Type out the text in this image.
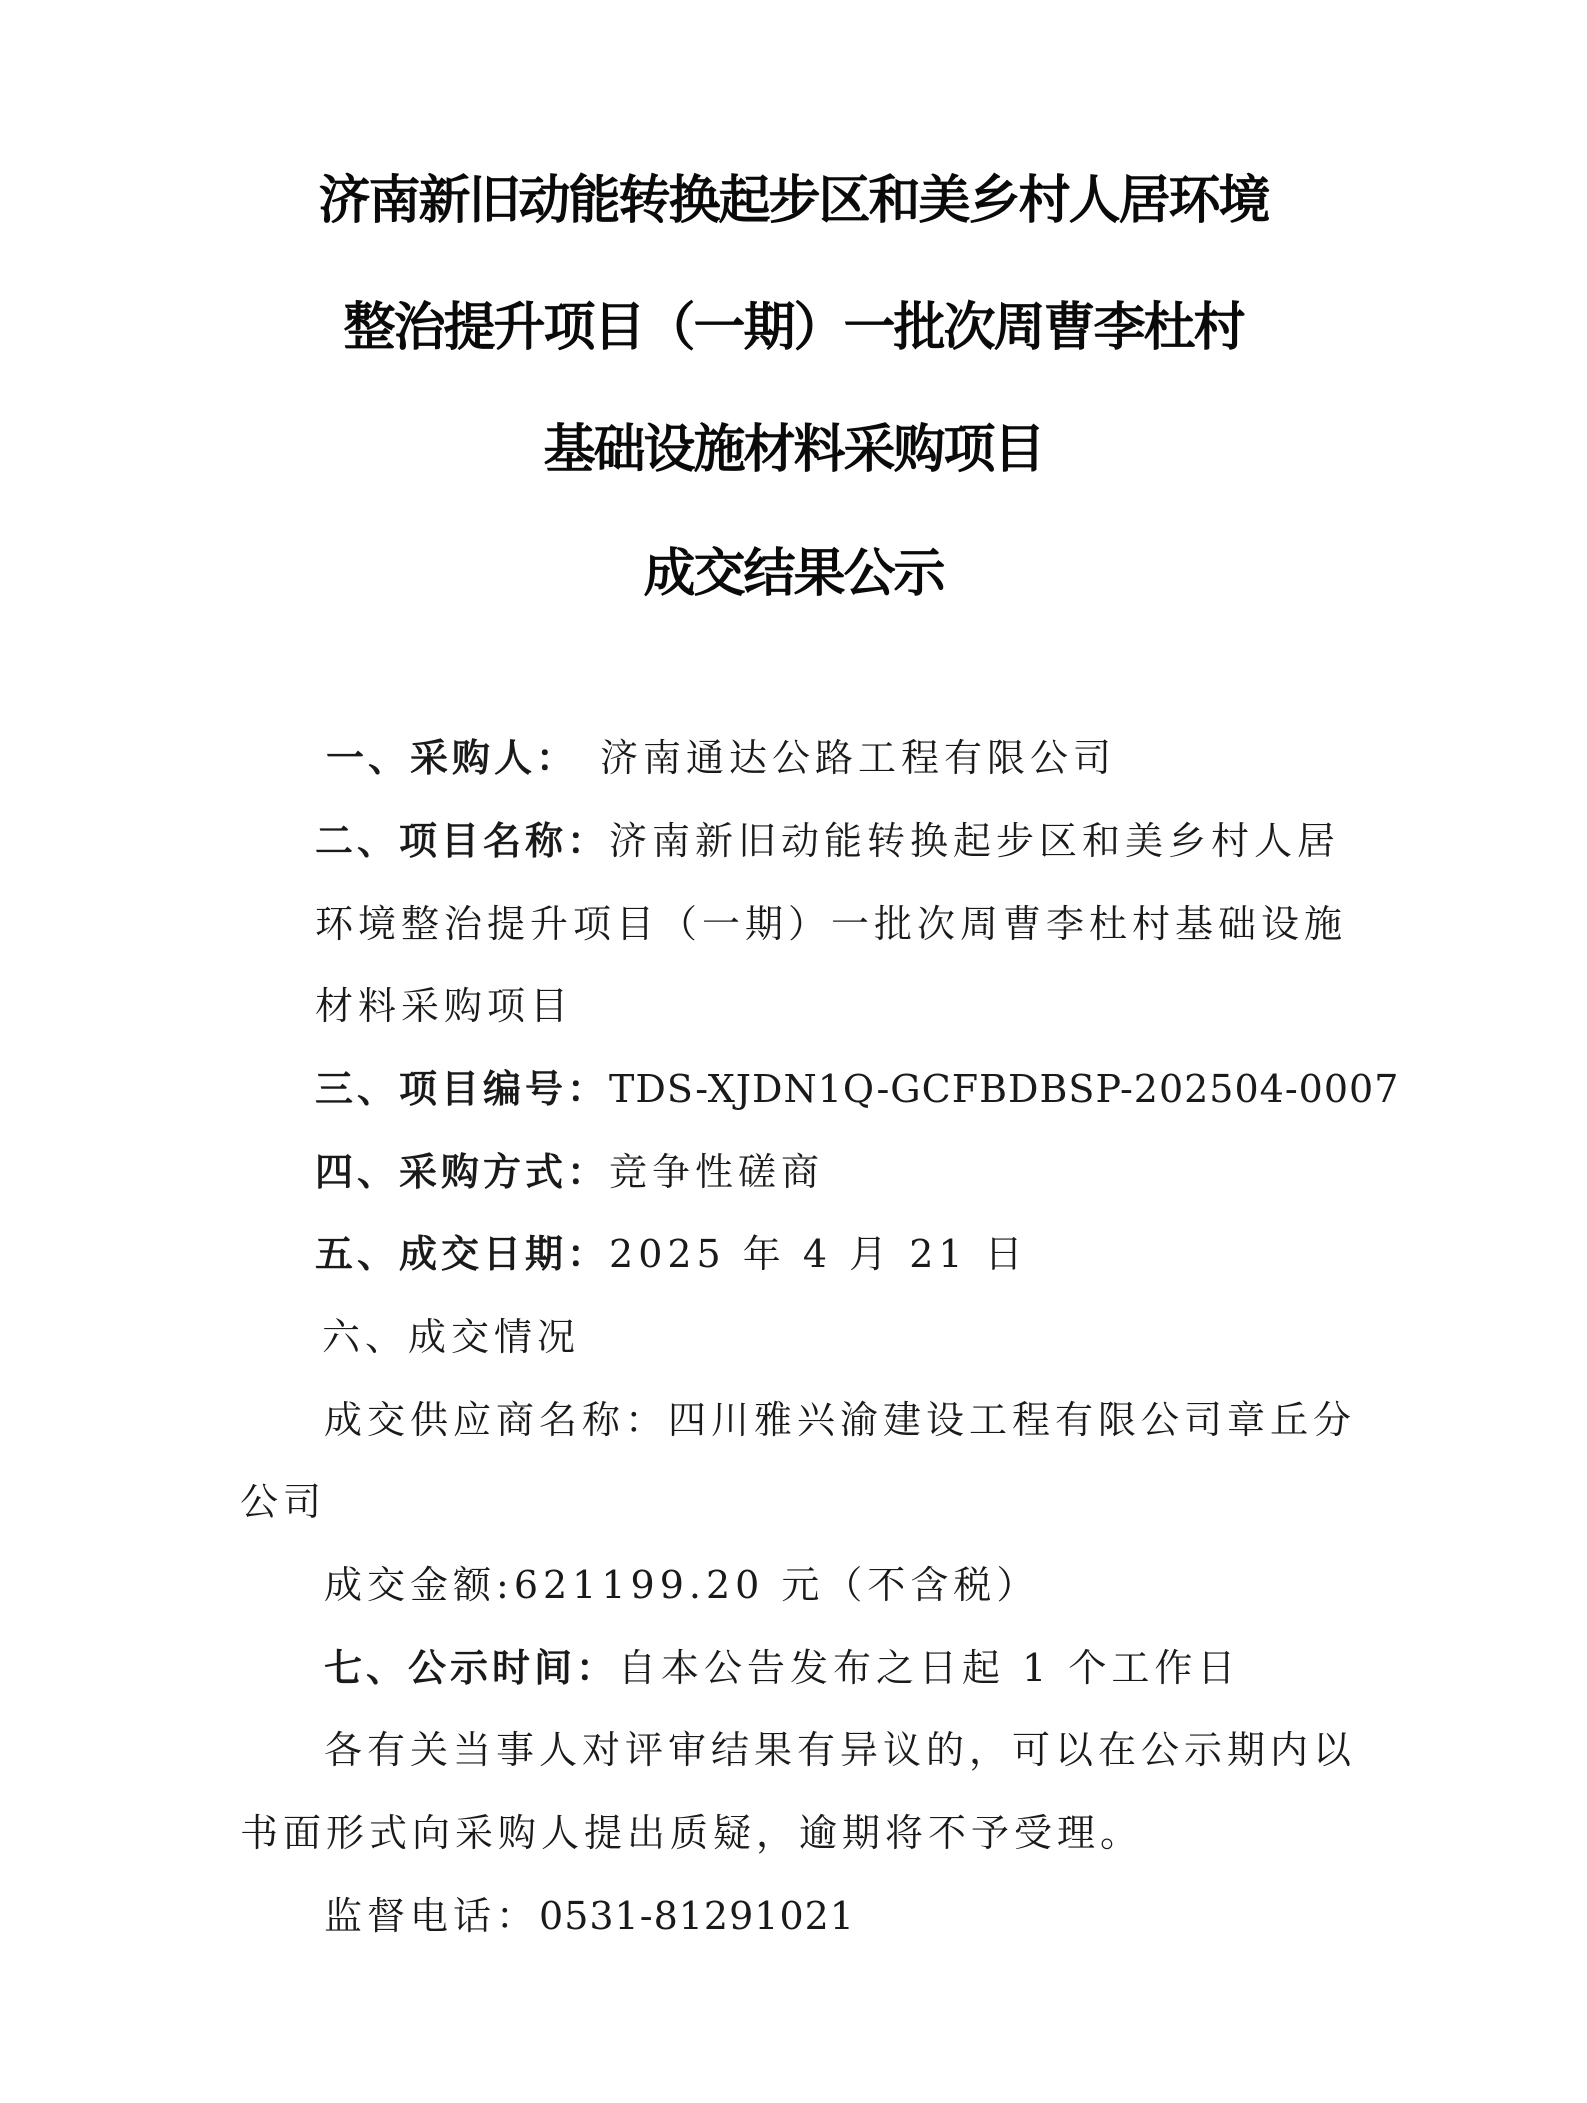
济南新旧动能转换起步区和美乡村人居环境
整治提升项目（一期）一批次周曹李杜村
基础设施材料采购项目
成交结果公示
一、采购人： 济南通达公路工程有限公司
二、项目名称：济南新旧动能转换起步区和美乡村人居
环境整治提升项目（一期）一批次周曹李杜村基础设施
材料采购项目
三、项目编号：TDS-XJDN1Q-GCFBDBSP-202504-0007
四、采购方式：竞争性磋商
五、成交日期：2025 年 4 月 21 日
六、成交情况
成交供应商名称：四川雅兴渝建设工程有限公司章丘分
公司
成交金额:621199.20 元（不含税）
七、公示时间：自本公告发布之日起 1 个工作日
各有关当事人对评审结果有异议的，可以在公示期内以
书面形式向采购人提出质疑，逾期将不予受理。
监督电话：0531-81291021
